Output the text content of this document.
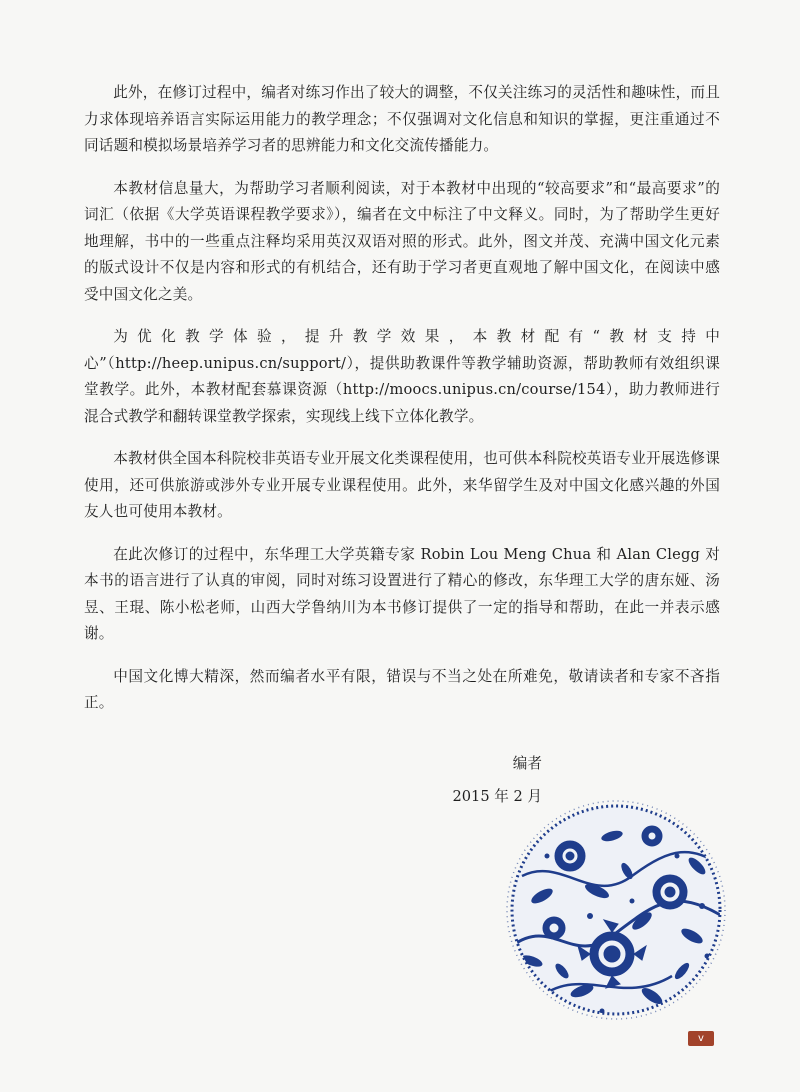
此外，在修订过程中，编者对练习作出了较大的调整，不仅关注练习的灵活性和趣味性，而且力求体现培养语言实际运用能力的教学理念；不仅强调对文化信息和知识的掌握，更注重通过不同话题和模拟场景培养学习者的思辨能力和文化交流传播能力。

本教材信息量大，为帮助学习者顺利阅读，对于本教材中出现的“较高要求”和“最高要求”的词汇（依据《大学英语课程教学要求》），编者在文中标注了中文释义。同时，为了帮助学生更好地理解，书中的一些重点注释均采用英汉双语对照的形式。此外，图文并茂、充满中国文化元素的版式设计不仅是内容和形式的有机结合，还有助于学习者更直观地了解中国文化，在阅读中感受中国文化之美。

为优化教学体验，提升教学效果，本教材配有“教材支持中心”（http://heep.unipus.cn/support/），提供助教课件等教学辅助资源，帮助教师有效组织课堂教学。此外，本教材配套慕课资源（http://moocs.unipus.cn/course/154），助力教师进行混合式教学和翻转课堂教学探索，实现线上线下立体化教学。

本教材供全国本科院校非英语专业开展文化类课程使用，也可供本科院校英语专业开展选修课使用，还可供旅游或涉外专业开展专业课程使用。此外，来华留学生及对中国文化感兴趣的外国友人也可使用本教材。

在此次修订的过程中，东华理工大学英籍专家 Robin Lou Meng Chua 和 Alan Clegg 对本书的语言进行了认真的审阅，同时对练习设置进行了精心的修改，东华理工大学的唐东娅、汤昱、王琨、陈小松老师，山西大学鲁纳川为本书修订提供了一定的指导和帮助，在此一并表示感谢。

中国文化博大精深，然而编者水平有限，错误与不当之处在所难免，敬请读者和专家不吝指正。

编者
2015 年 2 月
v
